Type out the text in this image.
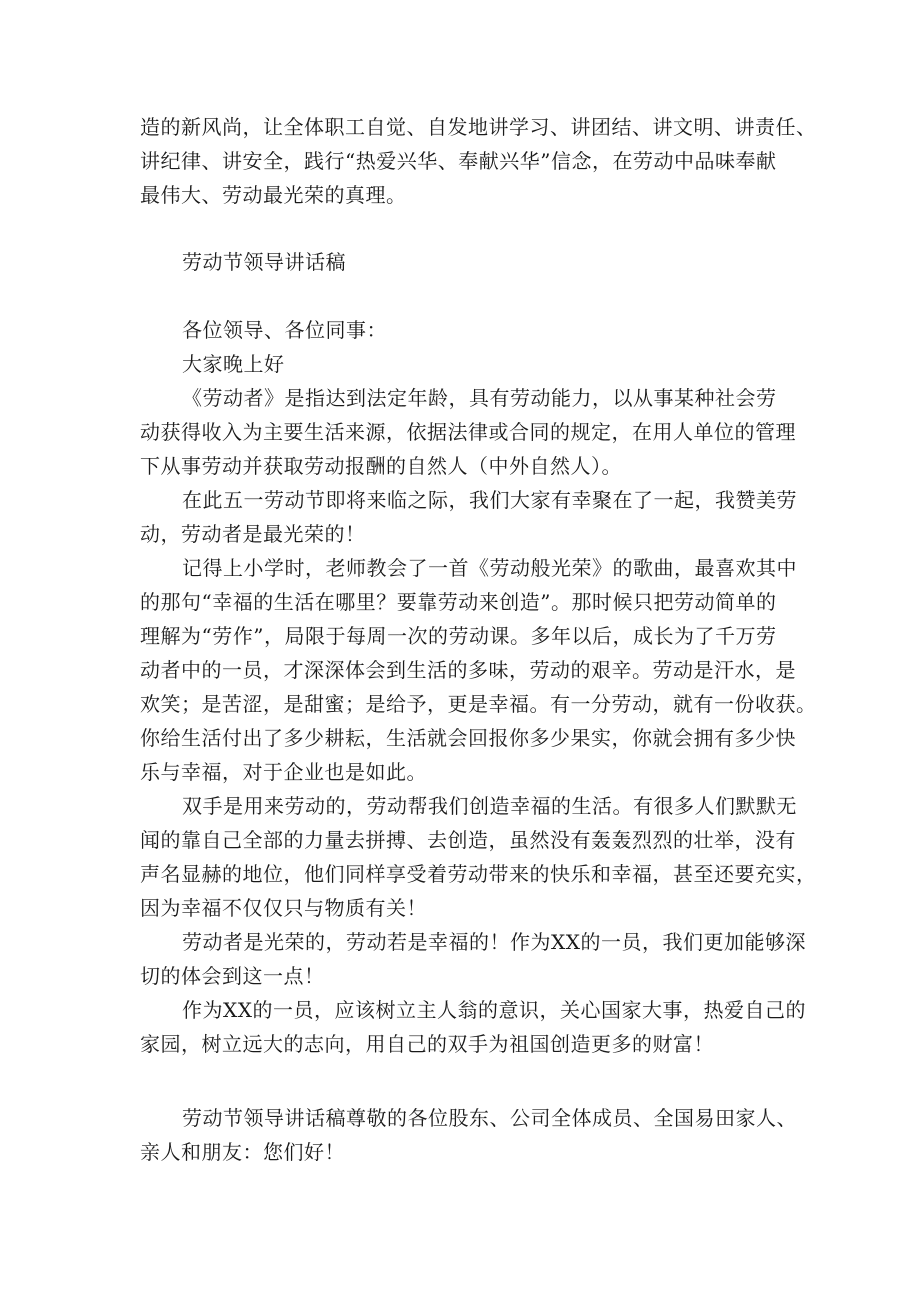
造的新风尚，让全体职工自觉、自发地讲学习、讲团结、讲文明、讲责任、
讲纪律、讲安全，践行“热爱兴华、奉献兴华”信念，在劳动中品味奉献
最伟大、劳动最光荣的真理。
劳动节领导讲话稿
各位领导、各位同事：
大家晚上好
《劳动者》是指达到法定年龄，具有劳动能力，以从事某种社会劳
动获得收入为主要生活来源，依据法律或合同的规定，在用人单位的管理
下从事劳动并获取劳动报酬的自然人（中外自然人）。
在此五一劳动节即将来临之际，我们大家有幸聚在了一起，我赞美劳
动，劳动者是最光荣的！
记得上小学时，老师教会了一首《劳动般光荣》的歌曲，最喜欢其中
的那句“幸福的生活在哪里？要靠劳动来创造”。那时候只把劳动简单的
理解为“劳作”，局限于每周一次的劳动课。多年以后，成长为了千万劳
动者中的一员，才深深体会到生活的多味，劳动的艰辛。劳动是汗水，是
欢笑；是苦涩，是甜蜜；是给予，更是幸福。有一分劳动，就有一份收获。
你给生活付出了多少耕耘，生活就会回报你多少果实，你就会拥有多少快
乐与幸福，对于企业也是如此。
双手是用来劳动的，劳动帮我们创造幸福的生活。有很多人们默默无
闻的靠自己全部的力量去拼搏、去创造，虽然没有轰轰烈烈的壮举，没有
声名显赫的地位，他们同样享受着劳动带来的快乐和幸福，甚至还要充实，
因为幸福不仅仅只与物质有关！
劳动者是光荣的，劳动若是幸福的！作为XX的一员，我们更加能够深
切的体会到这一点！
作为XX的一员，应该树立主人翁的意识，关心国家大事，热爱自己的
家园，树立远大的志向，用自己的双手为祖国创造更多的财富！
劳动节领导讲话稿尊敬的各位股东、公司全体成员、全国易田家人、
亲人和朋友：您们好！
